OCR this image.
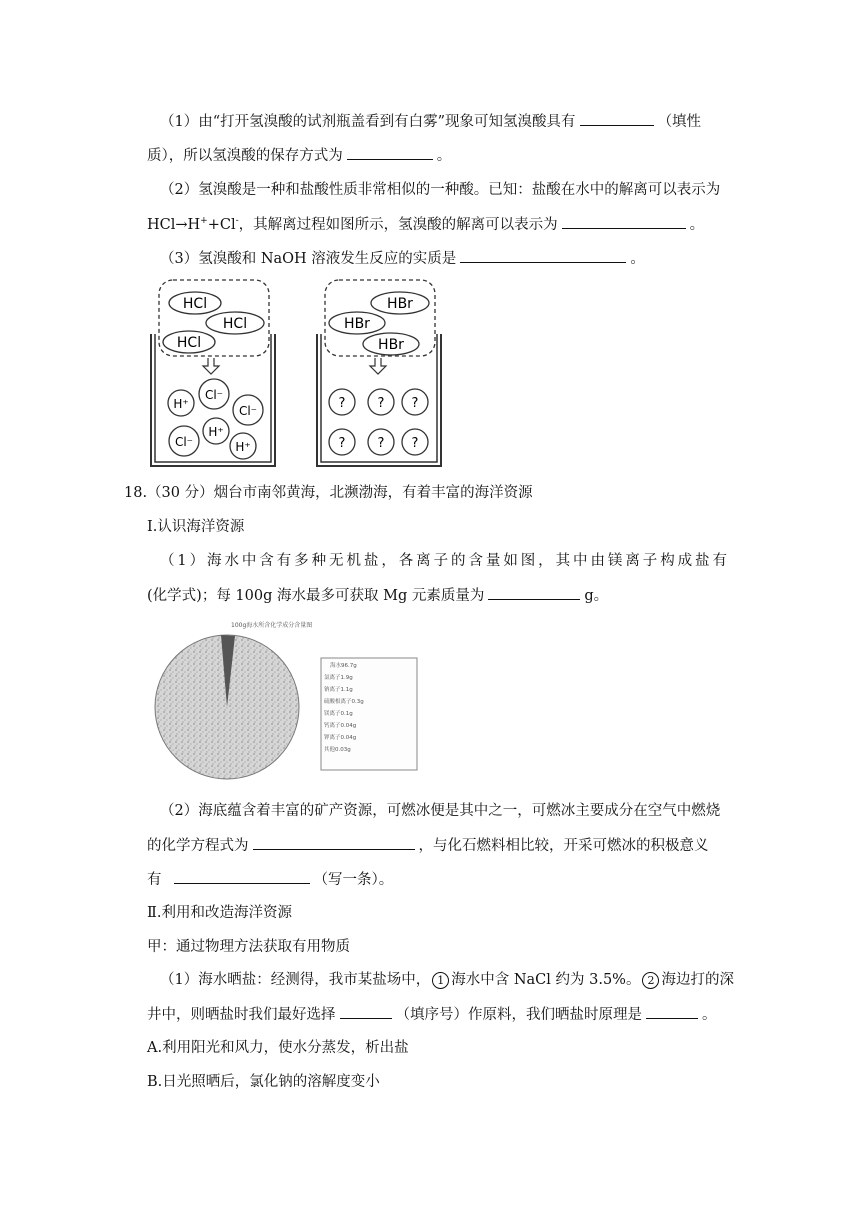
（1）由“打开氢溴酸的试剂瓶盖看到有白雾”现象可知氢溴酸具有	（填性
质），所以氢溴酸的保存方式为	。
（2）氢溴酸是一种和盐酸性质非常相似的一种酸。已知：盐酸在水中的解离可以表示为
HCl→H++Cl-，其解离过程如图所示，氢溴酸的解离可以表示为	。
（3）氢溴酸和 NaOH 溶液发生反应的实质是	。
HCl
HCl
HCl
H⁺
Cl⁻
Cl⁻
Cl⁻
H⁺
H⁺
HBr
HBr
HBr
? ? ?
? ? ?
18.（30 分）烟台市南邻黄海，北濒渤海，有着丰富的海洋资源
Ⅰ.认识海洋资源
（1）海水中含有多种无机盐，各离子的含量如图，其中由镁离子构成盐有
(化学式)；每 100g 海水最多可获取 Mg 元素质量为	g。
100g海水所含化学成分含量图
海水96.7g
氯离子1.9g
钠离子1.1g
硫酸根离子0.3g
镁离子0.1g
钙离子0.04g
钾离子0.04g
其他0.03g
（2）海底蕴含着丰富的矿产资源，可燃冰便是其中之一，可燃冰主要成分在空气中燃烧
的化学方程式为	，与化石燃料相比较，开采可燃冰的积极意义
有	（写一条）。
Ⅱ.利用和改造海洋资源
甲：通过物理方法获取有用物质
（1）海水晒盐：经测得，我市某盐场中， 1 海水中含 NaCl 约为 3.5%。 2 海边打的深
井中，则晒盐时我们最好选择	（填序号）作原料，我们晒盐时原理是	。
A.利用阳光和风力，使水分蒸发，析出盐
B.日光照晒后，氯化钠的溶解度变小
